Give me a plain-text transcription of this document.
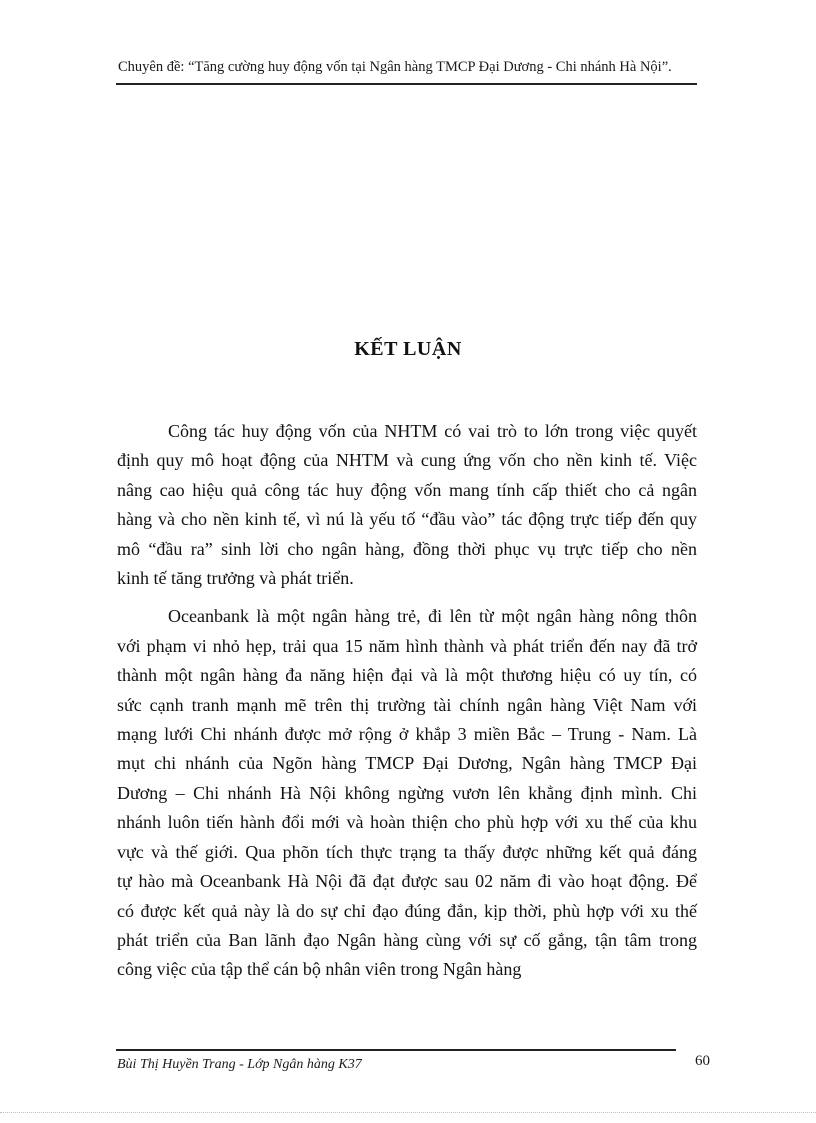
Chuyên đề: “Tăng cường huy động vốn tại Ngân hàng TMCP Đại Dương - Chi nhánh Hà Nội”.
KẾT LUẬN

Công tác huy động vốn của NHTM có vai trò to lớn trong việc quyết
định quy mô hoạt động của NHTM và cung ứng vốn cho nền kinh tế. Việc
nâng cao hiệu quả công tác huy động vốn mang tính cấp thiết cho cả ngân
hàng và cho nền kinh tế, vì nú là yếu tố “đầu vào” tác động trực tiếp đến quy
mô “đầu ra” sinh lời cho ngân hàng, đồng thời phục vụ trực tiếp cho nền
kinh tế tăng trưởng và phát triển.

Oceanbank là một ngân hàng trẻ, đi lên từ một ngân hàng nông thôn
với phạm vi nhỏ hẹp, trải qua 15 năm hình thành và phát triển đến nay đã trở
thành một ngân hàng đa năng hiện đại và là một thương hiệu có uy tín, có
sức cạnh tranh mạnh mẽ trên thị trường tài chính ngân hàng Việt Nam với
mạng lưới Chi nhánh được mở rộng ở khắp 3 miền Bắc – Trung - Nam. Là
mụt chi nhánh của Ngõn hàng TMCP Đại Dương, Ngân hàng TMCP Đại
Dương – Chi nhánh Hà Nội không ngừng vươn lên khẳng định mình. Chi
nhánh luôn tiến hành đổi mới và hoàn thiện cho phù hợp với xu thế của khu
vực và thế giới. Qua phõn tích thực trạng ta thấy được những kết quả đáng
tự hào mà Oceanbank Hà Nội đã đạt được sau 02 năm đi vào hoạt động. Để
có được kết quả này là do sự chỉ đạo đúng đắn, kịp thời, phù hợp với xu thế
phát triển của Ban lãnh đạo Ngân hàng cùng với sự cố gắng, tận tâm trong
công việc của tập thể cán bộ nhân viên trong Ngân hàng

Bùi Thị Huyền Trang - Lớp Ngân hàng K37	60
